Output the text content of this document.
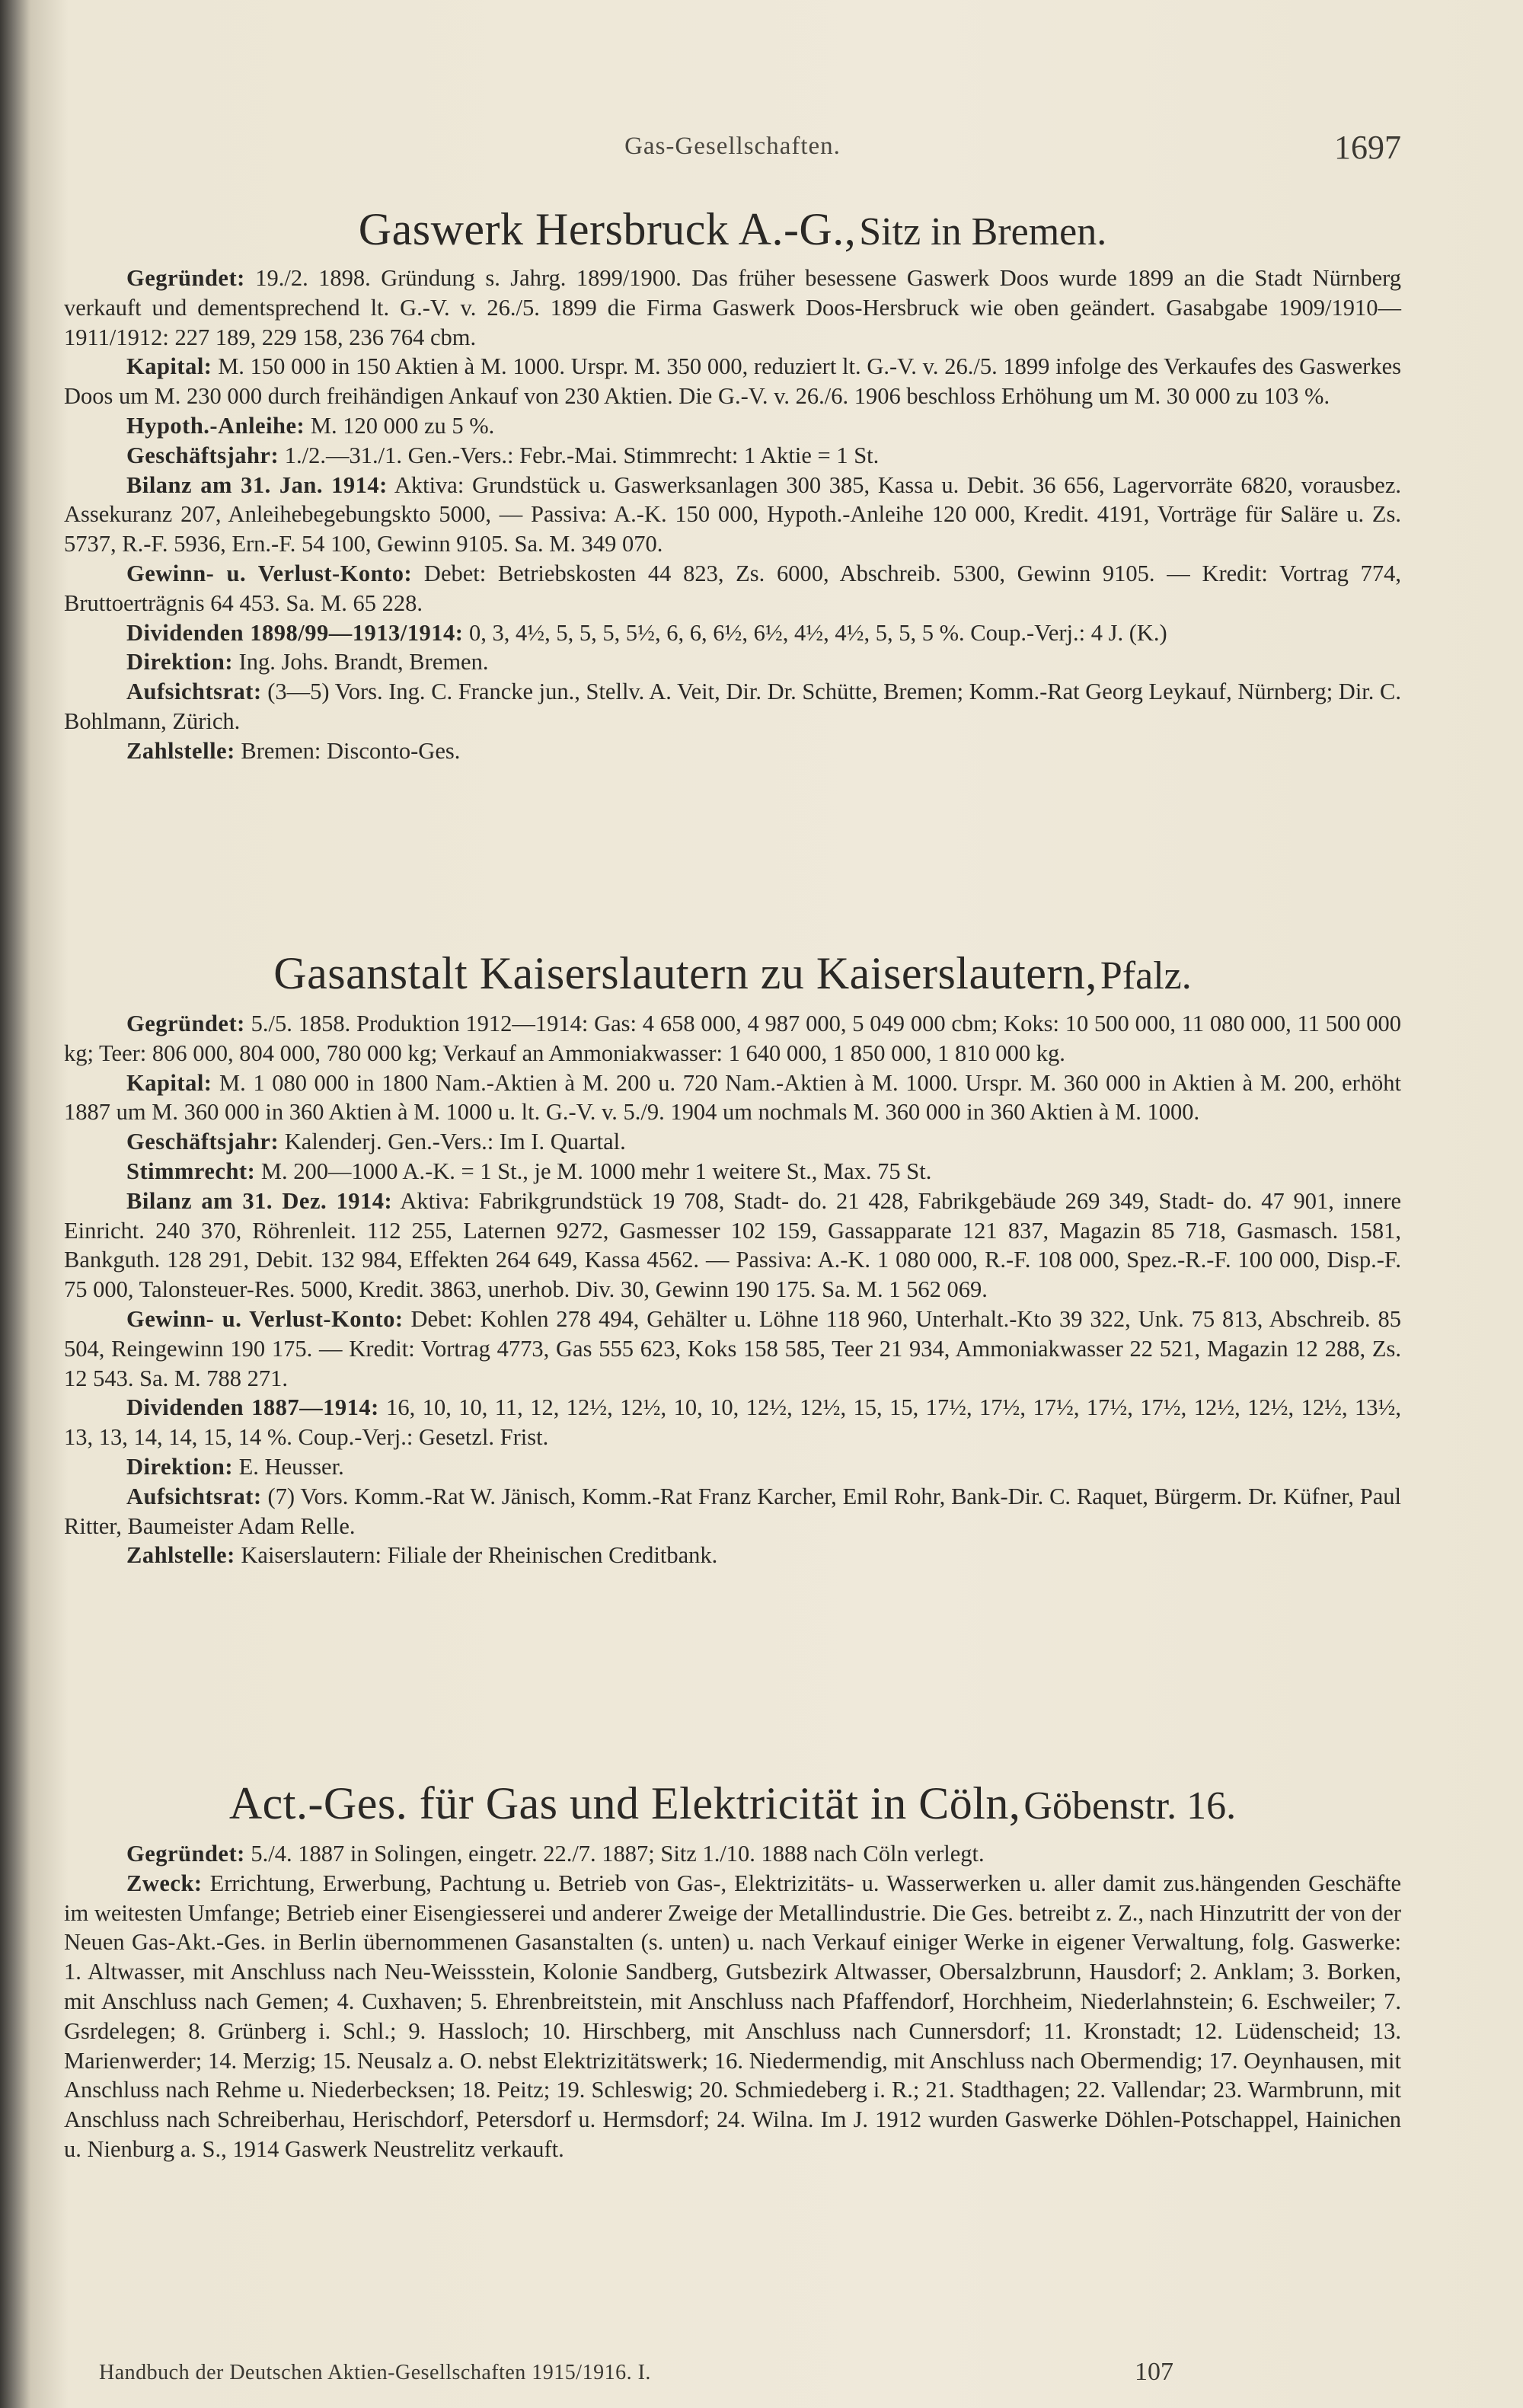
Gas-Gesellschaften.	1697
Gaswerk Hersbruck A.-G., Sitz in Bremen.

Gegründet: 19./2. 1898. Gründung s. Jahrg. 1899/1900. Das früher besessene Gaswerk Doos wurde 1899 an die Stadt Nürnberg verkauft und dementsprechend lt. G.-V. v. 26./5. 1899 die Firma Gaswerk Doos-Hersbruck wie oben geändert. Gasabgabe 1909/1910—1911/1912: 227 189, 229 158, 236 764 cbm.

Kapital: M. 150 000 in 150 Aktien à M. 1000. Urspr. M. 350 000, reduziert lt. G.-V. v. 26./5. 1899 infolge des Verkaufes des Gaswerkes Doos um M. 230 000 durch freihändigen Ankauf von 230 Aktien. Die G.-V. v. 26./6. 1906 beschloss Erhöhung um M. 30 000 zu 103 %.

Hypoth.-Anleihe: M. 120 000 zu 5 %.

Geschäftsjahr: 1./2.—31./1. Gen.-Vers.: Febr.-Mai. Stimmrecht: 1 Aktie = 1 St.

Bilanz am 31. Jan. 1914: Aktiva: Grundstück u. Gaswerksanlagen 300 385, Kassa u. Debit. 36 656, Lagervorräte 6820, vorausbez. Assekuranz 207, Anleihebegebungskto 5000, — Passiva: A.-K. 150 000, Hypoth.-Anleihe 120 000, Kredit. 4191, Vorträge für Saläre u. Zs. 5737, R.-F. 5936, Ern.-F. 54 100, Gewinn 9105. Sa. M. 349 070.

Gewinn- u. Verlust-Konto: Debet: Betriebskosten 44 823, Zs. 6000, Abschreib. 5300, Gewinn 9105. — Kredit: Vortrag 774, Bruttoerträgnis 64 453. Sa. M. 65 228.

Dividenden 1898/99—1913/1914: 0, 3, 4½, 5, 5, 5, 5½, 6, 6, 6½, 6½, 4½, 4½, 5, 5, 5 %. Coup.-Verj.: 4 J. (K.)

Direktion: Ing. Johs. Brandt, Bremen.

Aufsichtsrat: (3—5) Vors. Ing. C. Francke jun., Stellv. A. Veit, Dir. Dr. Schütte, Bremen; Komm.-Rat Georg Leykauf, Nürnberg; Dir. C. Bohlmann, Zürich.

Zahlstelle: Bremen: Disconto-Ges.

Gasanstalt Kaiserslautern zu Kaiserslautern, Pfalz.

Gegründet: 5./5. 1858. Produktion 1912—1914: Gas: 4 658 000, 4 987 000, 5 049 000 cbm; Koks: 10 500 000, 11 080 000, 11 500 000 kg; Teer: 806 000, 804 000, 780 000 kg; Verkauf an Ammoniakwasser: 1 640 000, 1 850 000, 1 810 000 kg.

Kapital: M. 1 080 000 in 1800 Nam.-Aktien à M. 200 u. 720 Nam.-Aktien à M. 1000. Urspr. M. 360 000 in Aktien à M. 200, erhöht 1887 um M. 360 000 in 360 Aktien à M. 1000 u. lt. G.-V. v. 5./9. 1904 um nochmals M. 360 000 in 360 Aktien à M. 1000.

Geschäftsjahr: Kalenderj. Gen.-Vers.: Im I. Quartal.

Stimmrecht: M. 200—1000 A.-K. = 1 St., je M. 1000 mehr 1 weitere St., Max. 75 St.

Bilanz am 31. Dez. 1914: Aktiva: Fabrikgrundstück 19 708, Stadt- do. 21 428, Fabrikgebäude 269 349, Stadt- do. 47 901, innere Einricht. 240 370, Röhrenleit. 112 255, Laternen 9272, Gasmesser 102 159, Gassapparate 121 837, Magazin 85 718, Gasmasch. 1581, Bankguth. 128 291, Debit. 132 984, Effekten 264 649, Kassa 4562. — Passiva: A.-K. 1 080 000, R.-F. 108 000, Spez.-R.-F. 100 000, Disp.-F. 75 000, Talonsteuer-Res. 5000, Kredit. 3863, unerhob. Div. 30, Gewinn 190 175. Sa. M. 1 562 069.

Gewinn- u. Verlust-Konto: Debet: Kohlen 278 494, Gehälter u. Löhne 118 960, Unterhalt.-Kto 39 322, Unk. 75 813, Abschreib. 85 504, Reingewinn 190 175. — Kredit: Vortrag 4773, Gas 555 623, Koks 158 585, Teer 21 934, Ammoniakwasser 22 521, Magazin 12 288, Zs. 12 543. Sa. M. 788 271.

Dividenden 1887—1914: 16, 10, 10, 11, 12, 12½, 12½, 10, 10, 12½, 12½, 15, 15, 17½, 17½, 17½, 17½, 17½, 12½, 12½, 12½, 13½, 13, 13, 14, 14, 15, 14 %. Coup.-Verj.: Gesetzl. Frist.

Direktion: E. Heusser.

Aufsichtsrat: (7) Vors. Komm.-Rat W. Jänisch, Komm.-Rat Franz Karcher, Emil Rohr, Bank-Dir. C. Raquet, Bürgerm. Dr. Küfner, Paul Ritter, Baumeister Adam Relle.

Zahlstelle: Kaiserslautern: Filiale der Rheinischen Creditbank.

Act.-Ges. für Gas und Elektricität in Cöln, Göbenstr. 16.

Gegründet: 5./4. 1887 in Solingen, eingetr. 22./7. 1887; Sitz 1./10. 1888 nach Cöln verlegt.

Zweck: Errichtung, Erwerbung, Pachtung u. Betrieb von Gas-, Elektrizitäts- u. Wasserwerken u. aller damit zus.hängenden Geschäfte im weitesten Umfange; Betrieb einer Eisengiesserei und anderer Zweige der Metallindustrie. Die Ges. betreibt z. Z., nach Hinzutritt der von der Neuen Gas-Akt.-Ges. in Berlin übernommenen Gasanstalten (s. unten) u. nach Verkauf einiger Werke in eigener Verwaltung, folg. Gaswerke: 1. Altwasser, mit Anschluss nach Neu-Weissstein, Kolonie Sandberg, Gutsbezirk Altwasser, Obersalzbrunn, Hausdorf; 2. Anklam; 3. Borken, mit Anschluss nach Gemen; 4. Cuxhaven; 5. Ehrenbreitstein, mit Anschluss nach Pfaffendorf, Horchheim, Niederlahnstein; 6. Eschweiler; 7. Gsrdelegen; 8. Grünberg i. Schl.; 9. Hassloch; 10. Hirschberg, mit Anschluss nach Cunnersdorf; 11. Kronstadt; 12. Lüdenscheid; 13. Marienwerder; 14. Merzig; 15. Neusalz a. O. nebst Elektrizitätswerk; 16. Niedermendig, mit Anschluss nach Obermendig; 17. Oeynhausen, mit Anschluss nach Rehme u. Niederbecksen; 18. Peitz; 19. Schleswig; 20. Schmiedeberg i. R.; 21. Stadthagen; 22. Vallendar; 23. Warmbrunn, mit Anschluss nach Schreiberhau, Herischdorf, Petersdorf u. Hermsdorf; 24. Wilna. Im J. 1912 wurden Gaswerke Döhlen-Potschappel, Hainichen u. Nienburg a. S., 1914 Gaswerk Neustrelitz verkauft.

Handbuch der Deutschen Aktien-Gesellschaften 1915/1916. I.	107
